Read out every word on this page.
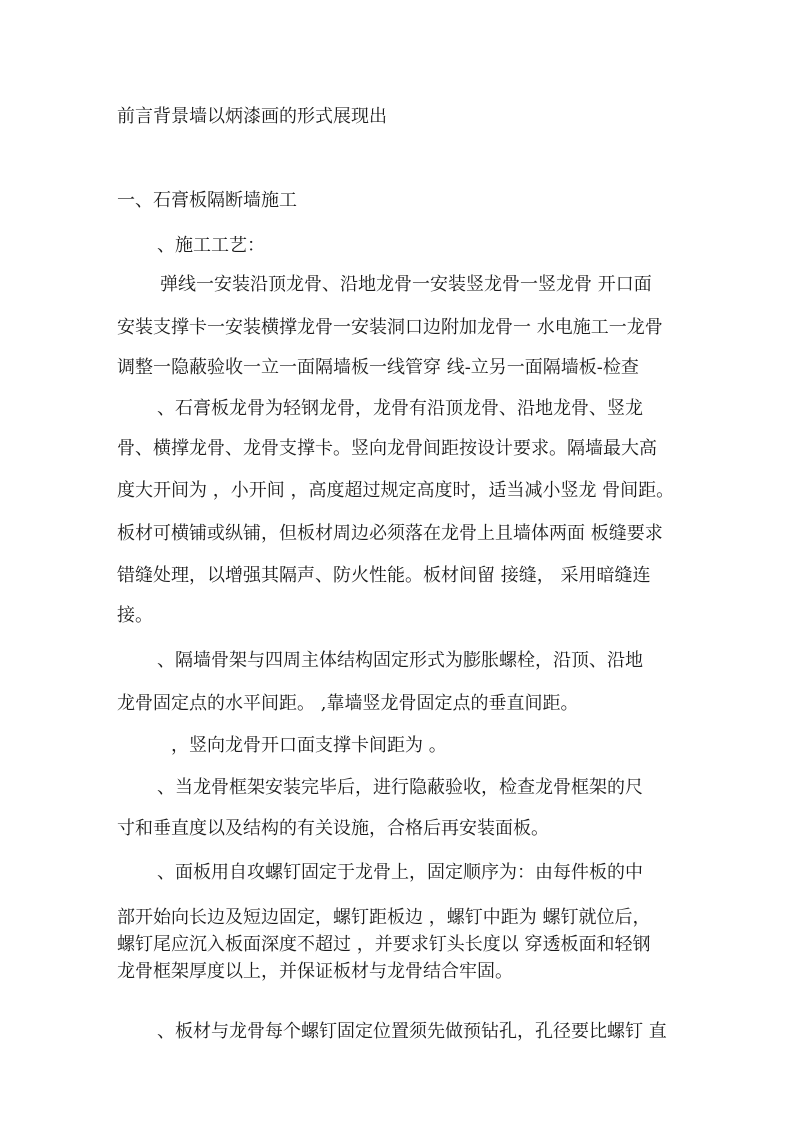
前言背景墙以炳漆画的形式展现出
一、石膏板隔断墙施工
、施工工艺：
弹线一安装沿顶龙骨、沿地龙骨一安装竖龙骨一竖龙骨 开口面
安装支撑卡一安装横撑龙骨一安装洞口边附加龙骨一 水电施工一龙骨
调整一隐蔽验收一立一面隔墙板一线管穿 线-立另一面隔墙板-检查
、石膏板龙骨为轻钢龙骨，龙骨有沿顶龙骨、沿地龙骨、竖龙
骨、横撑龙骨、龙骨支撑卡。竖向龙骨间距按设计要求。隔墙最大高
度大开间为 ，小开间 ，高度超过规定高度时，适当减小竖龙 骨间距。
板材可横铺或纵铺，但板材周边必须落在龙骨上且墙体两面 板缝要求
错缝处理，以增强其隔声、防火性能。板材间留 接缝， 采用暗缝连
接。
、隔墙骨架与四周主体结构固定形式为膨胀螺栓，沿顶、沿地
龙骨固定点的水平间距。 ,靠墙竖龙骨固定点的垂直间距。
，竖向龙骨开口面支撑卡间距为 。
、当龙骨框架安装完毕后，进行隐蔽验收，检查龙骨框架的尺
寸和垂直度以及结构的有关设施，合格后再安装面板。
、面板用自攻螺钉固定于龙骨上，固定顺序为：由每件板的中
部开始向长边及短边固定，螺钉距板边 ，螺钉中距为 螺钉就位后，
螺钉尾应沉入板面深度不超过 ，并要求钉头长度以 穿透板面和轻钢
龙骨框架厚度以上，并保证板材与龙骨结合牢固。
、板材与龙骨每个螺钉固定位置须先做预钻孔，孔径要比螺钉 直
